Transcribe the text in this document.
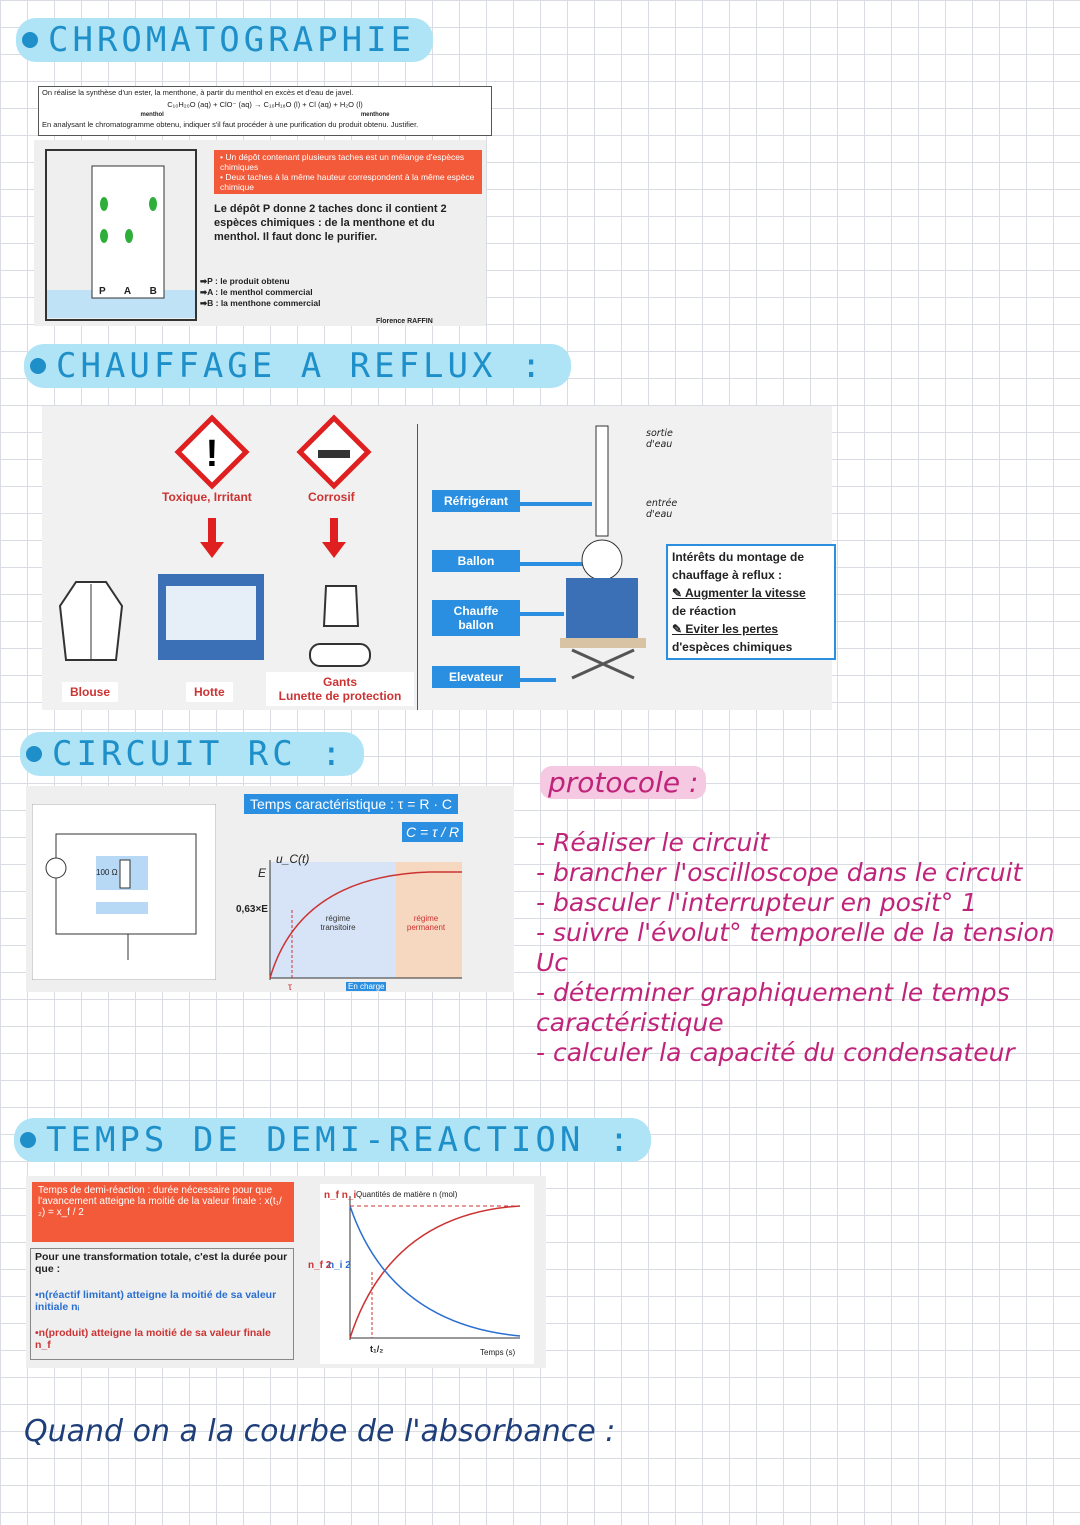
CHROMATOGRAPHIE
On réalise la synthèse d'un ester, la menthone, à partir du menthol en excès et d'eau de javel.
C₁₀H₂₀O (aq) + ClO⁻ (aq) → C₁₀H₁₈O (l) + Cl (aq) + H₂O (l)
menthol	menthone
En analysant le chromatogramme obtenu, indiquer s'il faut procéder à une purification du produit obtenu. Justifier.
P A B
• Un dépôt contenant plusieurs taches est un mélange d'espèces chimiques
• Deux taches à la même hauteur correspondent à la même espèce chimique
Le dépôt P donne 2 taches donc il contient 2 espèces chimiques : de la menthone et du menthol. Il faut donc le purifier.
➡P : le produit obtenu
➡A : le menthol commercial
➡B : la menthone commercial
Florence RAFFIN
CHAUFFAGE A REFLUX :
!
Toxique, Irritant	Corrosif
Blouse	Hotte
Gants
Lunette de protection
Réfrigérant
Ballon
Chauffe ballon
Elevateur
sortie d'eau
entrée d'eau
Intérêts du montage de chauffage à reflux :
✎ Augmenter la vitesse
de réaction
✎ Eviter les pertes
d'espèces chimiques
CIRCUIT RC :
100 Ω
Temps caractéristique : τ = R · C
C = τ / R
0,63×E
E
u_C(t)
régime transitoire
régime permanent
τ	En charge
protocole :
- Réaliser le circuit
- brancher l'oscilloscope dans le circuit
- basculer l'interrupteur en posit° 1
- suivre l'évolut° temporelle de la tension Uc
- déterminer graphiquement le temps caractéristique
- calculer la capacité du condensateur
TEMPS DE DEMI-REACTION :
Temps de demi-réaction : durée nécessaire pour que l'avancement atteigne la moitié de la valeur finale : x(t₁/₂) = x_f / 2
Pour une transformation totale, c'est la durée pour que :
•n(réactif limitant) atteigne la moitié de sa valeur initiale nᵢ
•n(produit) atteigne la moitié de sa valeur finale n_f
Quantités de matière n (mol)
Temps (s)
t₁/₂
n_f n_i
n_f 2
n_i 2
Quand on a la courbe de l'absorbance :
